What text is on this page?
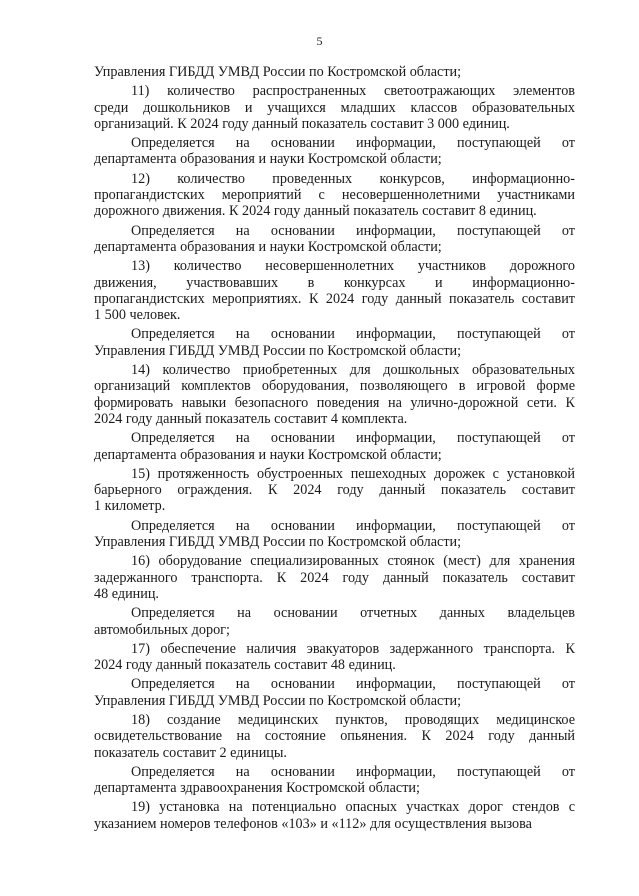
5

Управления ГИБДД УМВД России по Костромской области;

11) количество распространенных светоотражающих элементов
среди дошкольников и учащихся младших классов образовательных
организаций. К 2024 году данный показатель составит 3 000 единиц.

Определяется на основании информации, поступающей от
департамента образования и науки Костромской области;

12) количество проведенных конкурсов, информационно-
пропагандистских мероприятий с несовершеннолетними участниками
дорожного движения. К 2024 году данный показатель составит 8 единиц.

Определяется на основании информации, поступающей от
департамента образования и науки Костромской области;

13) количество несовершеннолетних участников дорожного
движения, участвовавших в конкурсах и информационно-
пропагандистских мероприятиях. К 2024 году данный показатель составит
1 500 человек.

Определяется на основании информации, поступающей от
Управления ГИБДД УМВД России по Костромской области;

14) количество приобретенных для дошкольных образовательных
организаций комплектов оборудования, позволяющего в игровой форме
формировать навыки безопасного поведения на улично-дорожной сети. К
2024 году данный показатель составит 4 комплекта.

Определяется на основании информации, поступающей от
департамента образования и науки Костромской области;

15) протяженность обустроенных пешеходных дорожек с установкой
барьерного ограждения. К 2024 году данный показатель составит
1 километр.

Определяется на основании информации, поступающей от
Управления ГИБДД УМВД России по Костромской области;

16) оборудование специализированных стоянок (мест) для хранения
задержанного транспорта. К 2024 году данный показатель составит
48 единиц.

Определяется на основании отчетных данных владельцев
автомобильных дорог;

17) обеспечение наличия эвакуаторов задержанного транспорта. К
2024 году данный показатель составит 48 единиц.

Определяется на основании информации, поступающей от
Управления ГИБДД УМВД России по Костромской области;

18) создание медицинских пунктов, проводящих медицинское
освидетельствование на состояние опьянения. К 2024 году данный
показатель составит 2 единицы.

Определяется на основании информации, поступающей от
департамента здравоохранения Костромской области;

19) установка на потенциально опасных участках дорог стендов с
указанием номеров телефонов «103» и «112» для осуществления вызова
